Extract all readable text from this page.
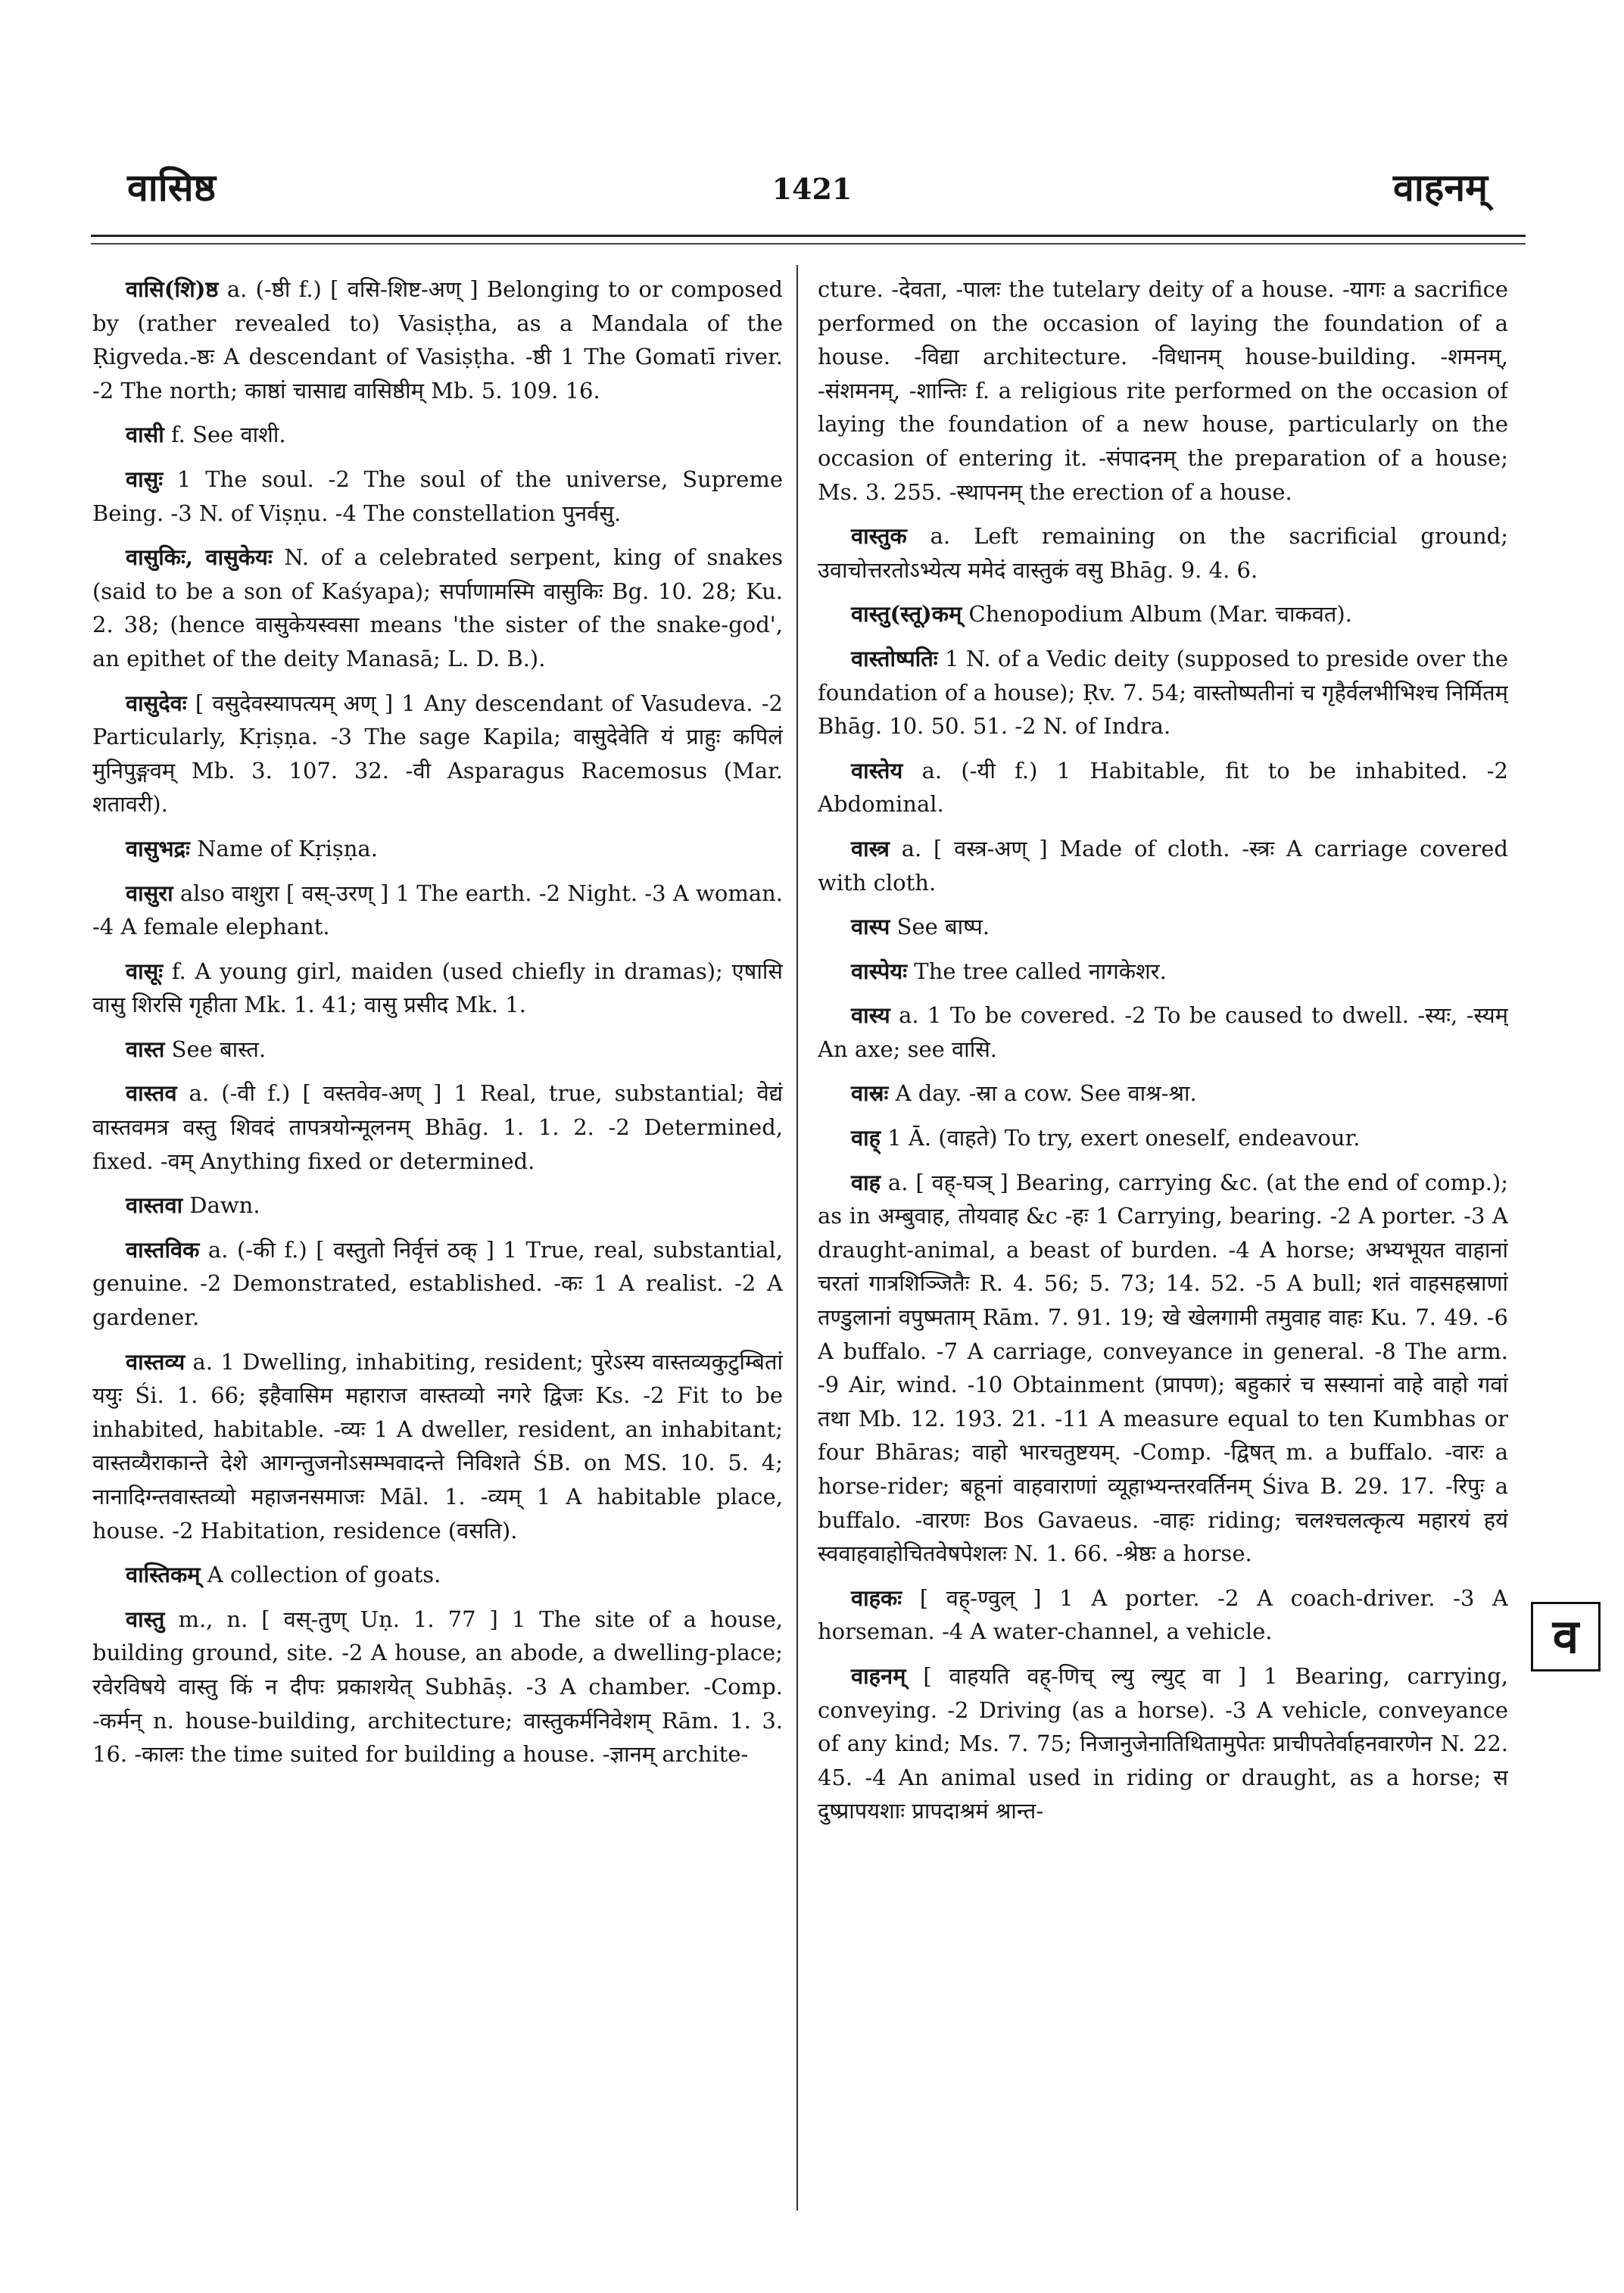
वासिष्ठ	1421	वाहनम्

वासि(शि)ष्ठ a. (-ष्ठी f.) [ वसि-शिष्ट-अण् ] Belonging to or composed by (rather revealed to) Vasiṣṭha, as a Mandala of the Ṛigveda.-ष्ठः A descendant of Vasiṣṭha. -ष्ठी 1 The Gomatī river. -2 The north; काष्ठां चासाद्य वासिष्ठीम् Mb. 5. 109. 16.

वासी f. See वाशी.

वासुः 1 The soul. -2 The soul of the universe, Supreme Being. -3 N. of Viṣṇu. -4 The constellation पुनर्वसु.

वासुकिः, वासुकेयः N. of a celebrated serpent, king of snakes (said to be a son of Kaśyapa); सर्पाणामस्मि वासुकिः Bg. 10. 28; Ku. 2. 38; (hence वासुकेयस्वसा means 'the sister of the snake-god', an epithet of the deity Manasā; L. D. B.).

वासुदेवः [ वसुदेवस्यापत्यम् अण् ] 1 Any descendant of Vasudeva. -2 Particularly, Kṛiṣṇa. -3 The sage Kapila; वासुदेवेति यं प्राहुः कपिलं मुनिपुङ्गवम् Mb. 3. 107. 32. -वी Asparagus Racemosus (Mar. शतावरी).

वासुभद्रः Name of Kṛiṣṇa.

वासुरा also वाशुरा [ वस्-उरण् ] 1 The earth. -2 Night. -3 A woman. -4 A female elephant.

वासूः f. A young girl, maiden (used chiefly in dramas); एषासि वासु शिरसि गृहीता Mk. 1. 41; वासु प्रसीद Mk. 1.

वास्त See बास्त.

वास्तव a. (-वी f.) [ वस्तवेव-अण् ] 1 Real, true, substantial; वेद्यं वास्तवमत्र वस्तु शिवदं तापत्रयोन्मूलनम् Bhāg. 1. 1. 2. -2 Determined, fixed. -वम् Anything fixed or determined.

वास्तवा Dawn.

वास्तविक a. (-की f.) [ वस्तुतो निर्वृत्तं ठक् ] 1 True, real, substantial, genuine. -2 Demonstrated, established. -कः 1 A realist. -2 A gardener.

वास्तव्य a. 1 Dwelling, inhabiting, resident; पुरेऽस्य वास्तव्यकुटुम्बितां ययुः Śi. 1. 66; इहैवासिम महाराज वास्तव्यो नगरे द्विजः Ks. -2 Fit to be inhabited, habitable. -व्यः 1 A dweller, resident, an inhabitant; वास्तव्यैराकान्ते देशे आगन्तुजनोऽसम्भवादन्ते निविशते ŚB. on MS. 10. 5. 4; नानादिग्न्तवास्तव्यो महाजनसमाजः Māl. 1. -व्यम् 1 A habitable place, house. -2 Habitation, residence (वसति).

वास्तिकम् A collection of goats.

वास्तु m., n. [ वस्-तुण् Uṇ. 1. 77 ] 1 The site of a house, building ground, site. -2 A house, an abode, a dwelling-place; रवेरविषये वास्तु किं न दीपः प्रकाशयेत् Subhāṣ. -3 A chamber. -Comp. -कर्मन् n. house-building, architecture; वास्तुकर्मनिवेशम् Rām. 1. 3. 16. -कालः the time suited for building a house. -ज्ञानम् archite-

cture. -देवता, -पालः the tutelary deity of a house. -यागः a sacrifice performed on the occasion of laying the foundation of a house. -विद्या architecture. -विधानम् house-building. -शमनम्, -संशमनम्, -शान्तिः f. a religious rite performed on the occasion of laying the foundation of a new house, particularly on the occasion of entering it. -संपादनम् the preparation of a house; Ms. 3. 255. -स्थापनम् the erection of a house.

वास्तुक a. Left remaining on the sacrificial ground; उवाचोत्तरतोऽभ्येत्य ममेदं वास्तुकं वसु Bhāg. 9. 4. 6.

वास्तु(स्तू)कम् Chenopodium Album (Mar. चाकवत).

वास्तोष्पतिः 1 N. of a Vedic deity (supposed to preside over the foundation of a house); Ṛv. 7. 54; वास्तोष्पतीनां च गृहैर्वलभीभिश्च निर्मितम् Bhāg. 10. 50. 51. -2 N. of Indra.

वास्तेय a. (-यी f.) 1 Habitable, fit to be inhabited. -2 Abdominal.

वास्त्र a. [ वस्त्र-अण् ] Made of cloth. -स्त्रः A carriage covered with cloth.

वास्प See बाष्प.

वास्पेयः The tree called नागकेशर.

वास्य a. 1 To be covered. -2 To be caused to dwell. -स्यः, -स्यम् An axe; see वासि.

वास्रः A day. -स्रा a cow. See वाश्र-श्रा.

वाह् 1 Ā. (वाहते) To try, exert oneself, endeavour.

वाह a. [ वह्-घञ् ] Bearing, carrying &c. (at the end of comp.); as in अम्बुवाह, तोयवाह &c -हः 1 Carrying, bearing. -2 A porter. -3 A draught-animal, a beast of burden. -4 A horse; अभ्यभूयत वाहानां चरतां गात्रशिञ्जितैः R. 4. 56; 5. 73; 14. 52. -5 A bull; शतं वाहसहस्राणां तण्डुलानां वपुष्मताम् Rām. 7. 91. 19; खे खेलगामी तमुवाह वाहः Ku. 7. 49. -6 A buffalo. -7 A carriage, conveyance in general. -8 The arm. -9 Air, wind. -10 Obtainment (प्रापण); बहुकारं च सस्यानां वाहे वाहो गवां तथा Mb. 12. 193. 21. -11 A measure equal to ten Kumbhas or four Bhāras; वाहो भारचतुष्टयम्. -Comp. -द्विषत् m. a buffalo. -वारः a horse-rider; बहूनां वाहवाराणां व्यूहाभ्यन्तरवर्तिनम् Śiva B. 29. 17. -रिपुः a buffalo. -वारणः Bos Gavaeus. -वाहः riding; चलश्चलत्कृत्य महारयं हयं स्ववाहवाहोचितवेषपेशलः N. 1. 66. -श्रेष्ठः a horse.

वाहकः [ वह्-ण्वुल् ] 1 A porter. -2 A coach-driver. -3 A horseman. -4 A water-channel, a vehicle.

वाहनम् [ वाहयति वह्-णिच् ल्यु ल्युट् वा ] 1 Bearing, carrying, conveying. -2 Driving (as a horse). -3 A vehicle, conveyance of any kind; Ms. 7. 75; निजानुजेनातिथितामुपेतः प्राचीपतेर्वाहनवारणेन N. 22. 45. -4 An animal used in riding or draught, as a horse; स दुष्प्रापयशाः प्रापदाश्रमं श्रान्त-

व
